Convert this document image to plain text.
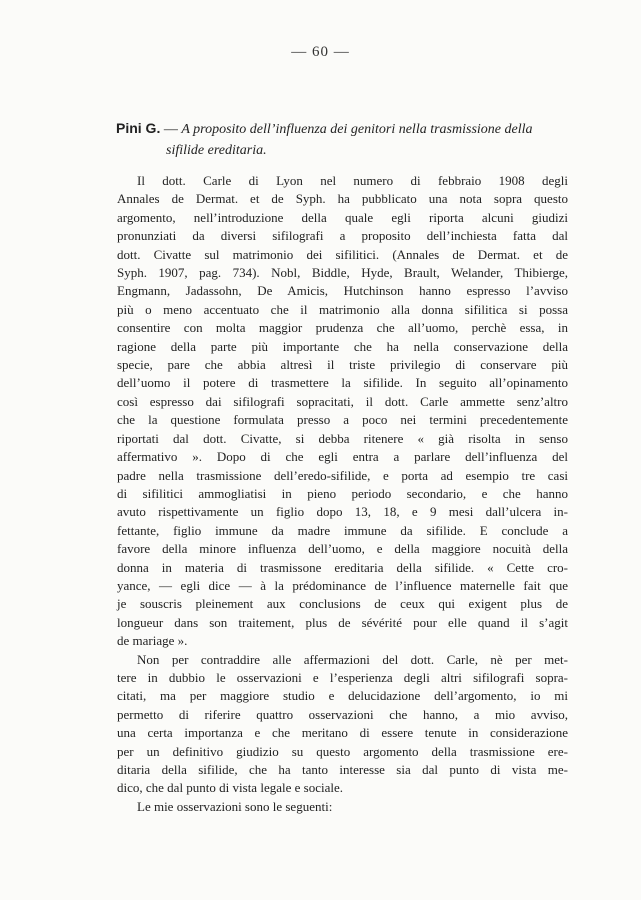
— 60 —
Pini G. — A proposito dell’influenza dei genitori nella trasmissione della
sifilide ereditaria.
Il dott. Carle di Lyon nel numero di febbraio 1908 degli
Annales de Dermat. et de Syph. ha pubblicato una nota sopra questo
argomento, nell’introduzione della quale egli riporta alcuni giudizi
pronunziati da diversi sifilografi a proposito dell’inchiesta fatta dal
dott. Civatte sul matrimonio dei sifilitici. (Annales de Dermat. et de
Syph. 1907, pag. 734). Nobl, Biddle, Hyde, Brault, Welander, Thibierge,
Engmann, Jadassohn, De Amicis, Hutchinson hanno espresso l’avviso
più o meno accentuato che il matrimonio alla donna sifilitica si possa
consentire con molta maggior prudenza che all’uomo, perchè essa, in
ragione della parte più importante che ha nella conservazione della
specie, pare che abbia altresì il triste privilegio di conservare più
dell’uomo il potere di trasmettere la sifilide. In seguito all’opinamento
così espresso dai sifilografi sopracitati, il dott. Carle ammette senz’altro
che la questione formulata presso a poco nei termini precedentemente
riportati dal dott. Civatte, si debba ritenere « già risolta in senso
affermativo ». Dopo di che egli entra a parlare dell’influenza del
padre nella trasmissione dell’eredo-sifilide, e porta ad esempio tre casi
di sifilitici ammogliatisi in pieno periodo secondario, e che hanno
avuto rispettivamente un figlio dopo 13, 18, e 9 mesi dall’ulcera in-
fettante, figlio immune da madre immune da sifilide. E conclude a
favore della minore influenza dell’uomo, e della maggiore nocuità della
donna in materia di trasmissone ereditaria della sifilide. « Cette cro-
yance, — egli dice — à la prédominance de l’influence maternelle fait que
je souscris pleinement aux conclusions de ceux qui exigent plus de
longueur dans son traitement, plus de sévérité pour elle quand il s’agit
de mariage ».
Non per contraddire alle affermazioni del dott. Carle, nè per met-
tere in dubbio le osservazioni e l’esperienza degli altri sifilografi sopra-
citati, ma per maggiore studio e delucidazione dell’argomento, io mi
permetto di riferire quattro osservazioni che hanno, a mio avviso,
una certa importanza e che meritano di essere tenute in considerazione
per un definitivo giudizio su questo argomento della trasmissione ere-
ditaria della sifilide, che ha tanto interesse sia dal punto di vista me-
dico, che dal punto di vista legale e sociale.
Le mie osservazioni sono le seguenti:
